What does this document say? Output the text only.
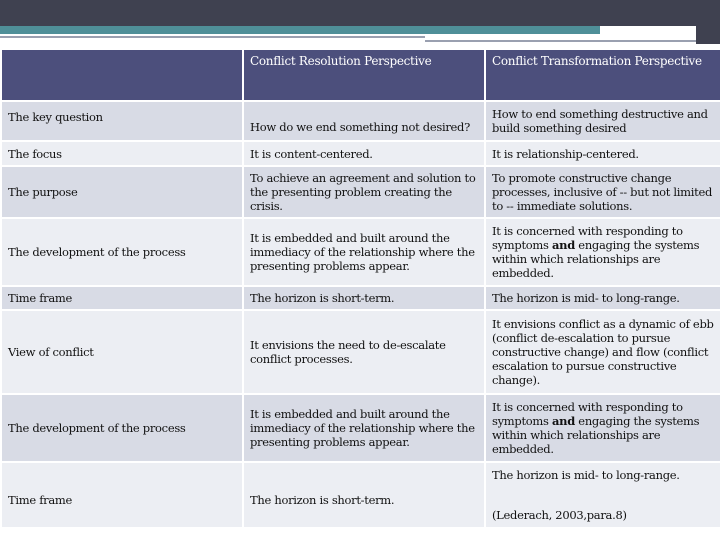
	Conflict Resolution Perspective	Conflict Transformation Perspective
The key question	How do we end something not desired?	How to end something destructive and build something desired
The focus	It is content-centered.	It is relationship-centered.
The purpose	To achieve an agreement and solution to the presenting problem creating the crisis.	To promote constructive change processes, inclusive of -- but not limited to -- immediate solutions.
The development of the process	It is embedded and built around the immediacy of the relationship where the presenting problems appear.	It is concerned with responding to symptoms and engaging the systems within which relationships are embedded.
Time frame	The horizon is short-term.	The horizon is mid- to long-range.
View of conflict	It envisions the need to de-escalate conflict processes.	It envisions conflict as a dynamic of ebb (conflict de-escalation to pursue constructive change) and flow (conflict escalation to pursue constructive change).
The development of the process	It is embedded and built around the immediacy of the relationship where the presenting problems appear.	It is concerned with responding to symptoms and engaging the systems within which relationships are embedded.
Time frame	The horizon is short-term.	The horizon is mid- to long-range.
(Lederach, 2003,para.8)
